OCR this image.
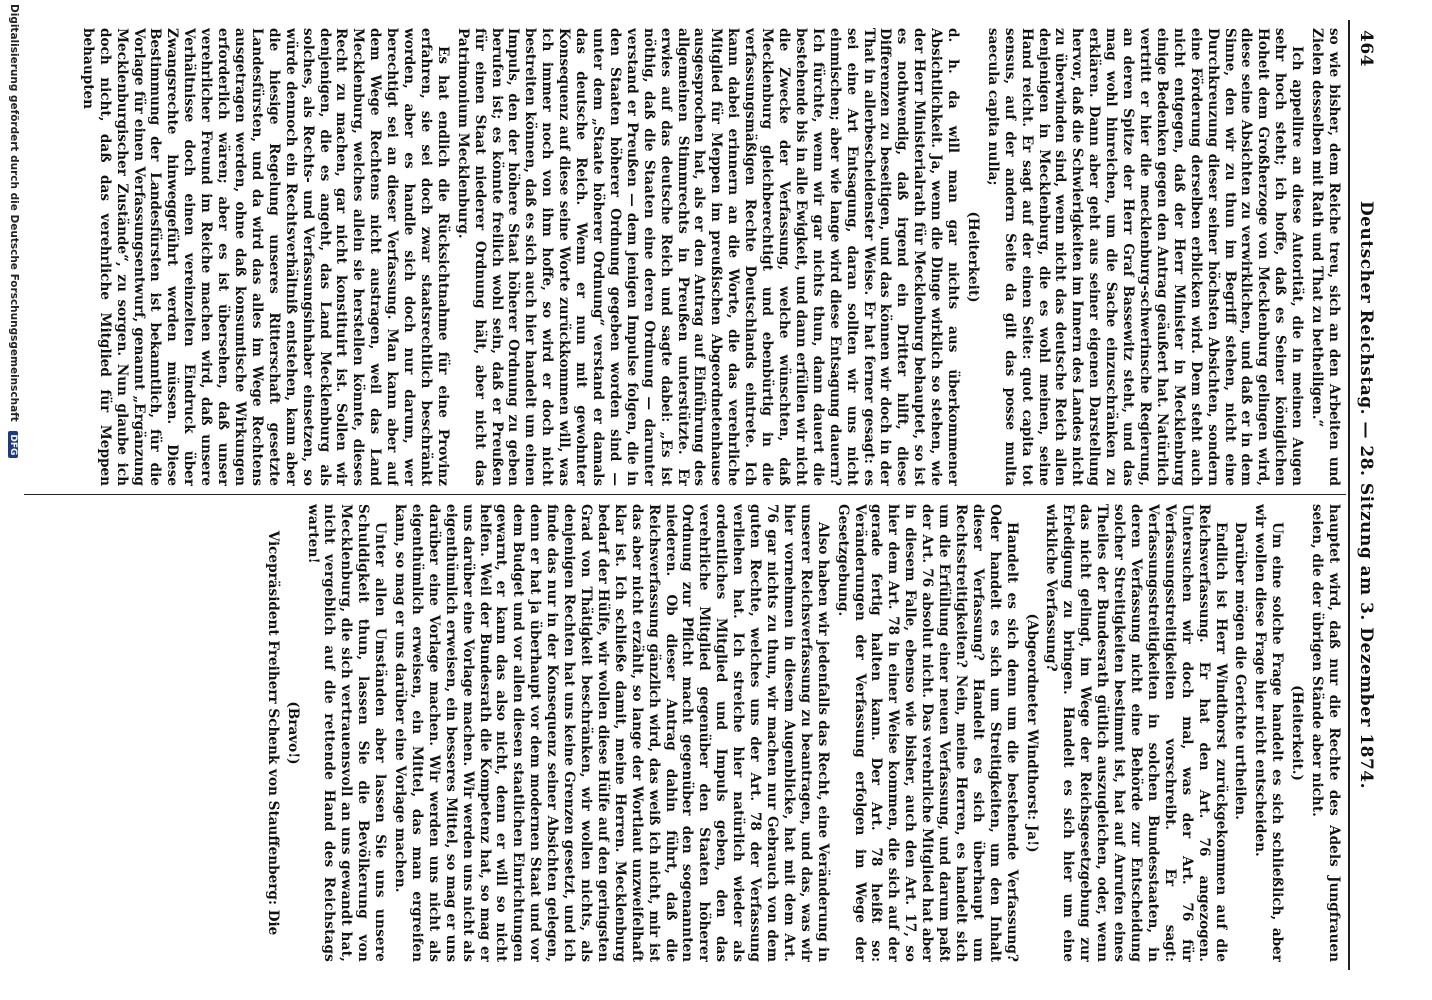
464
Deutscher Reichstag. — 28. Sitzung am 3. Dezember 1874.

so wie bisher, dem Reiche treu, sich an den Arbeiten und Zielen desselben mit Rath und That zu betheiligen.“

Ich appellire an diese Autorität, die in meinen Augen sehr hoch steht; ich hoffe, daß es Seiner königlichen Hoheit dem Großherzoge von Mecklenburg gelingen wird, diese seine Absichten zu verwirklichen, und daß er in dem Sinne, den wir zu thun im Begriff stehen, nicht eine Durchkreuzung dieser seiner höchsten Absichten, sondern eine Förderung derselben erblicken wird. Dem steht auch nicht entgegen, daß der Herr Minister in Mecklenburg einige Bedenken gegen den Antrag geäußert hat. Natürlich vertritt er hier die mecklenburg-schwerinsche Regierung, an deren Spitze der Herr Graf Bassewitz steht, und das mag wohl hinreichen, um die Sache einzuschränken zu erklären. Dann aber geht aus seiner eigenen Darstellung hervor, daß die Schwierigkeiten im Innern des Landes nicht zu überwinden sind, wenn nicht das deutsche Reich allen denjenigen in Mecklenburg, die es wohl meinen, seine Hand reicht. Er sagt auf der einen Seite: quot capita tot sensus, auf der andern Seite da gilt das posse multa saecula capita nulla;

(Heiterkeit)

d. h. da will man gar nichts aus überkommener Absichtlichkeit. Ja, wenn die Dinge wirklich so stehen, wie der Herr Ministerialrath für Mecklenburg behauptet, so ist es nothwendig, daß irgend ein Dritter hilft, diese Differenzen zu beseitigen, und das können wir doch in der That in allerbescheidenster Weise. Er hat ferner gesagt: es sei eine Art Entsagung, daran sollten wir uns nicht einmischen; aber wie lange wird diese Entsagung dauern? Ich fürchte, wenn wir gar nichts thun, dann dauert die bestehende bis in alle Ewigkeit, und dann erfüllen wir nicht die Zwecke der Verfassung, welche wünschten, daß Mecklenburg gleichberechtigt und ebenbürtig in die verfassungsmäßigen Rechte Deutschlands eintrete. Ich kann dabei erinnern an die Worte, die das verehrliche Mitglied für Meppen im preußischen Abgeordnetenhause ausgesprochen hat, als er den Antrag auf Einführung des allgemeinen Stimmrechts in Preußen unterstützte. Er erwies auf das deutsche Reich und sagte dabei: „Es ist nöthig, daß die Staaten eine deren Ordnung — darunter verstand er Preußen — dem jenigen Impulse folgen, die in den Staaten höherer Ordnung gegeben worden sind — unter dem „Staate höherer Ordnung“ verstand er damals das deutsche Reich. Wenn er nun mit gewohnter Konsequenz auf diese seine Worte zurückkommen will, was ich immer noch von ihm hoffe, so wird er doch nicht bestreiten können, daß es sich auch hier handelt um einen Impuls, den der höhere Staat höherer Ordnung zu geben berufen ist; es könnte freilich wohl sein, daß er Preußen für einen Staat niederer Ordnung hält, aber nicht das Patrimonium Mecklenburg.

Es hat endlich die Rücksichtnahme für eine Provinz erfahren, sie sei doch zwar staatsrechtlich beschränkt worden, aber es handle sich doch nur darum, wer berechtigt sei an dieser Verfassung. Man kann aber auf dem Wege Rechtens nicht austragen, weil das Land Mecklenburg, welches allein sie herstellen könnte, dieses Recht zu machen, gar nicht konstituirt ist. Sollen wir denjenigen, die es angeht, das Land Mecklenburg als solches, als Rechts- und Verfassungsinhaber einsetzen, so würde dennoch ein Rechtsverhältniß entstehen, kann aber die hiesige Regelung unseres Ritterschaft gesetzte Landesfürsten, und da wird das alles im Wege Rechtens ausgetragen werden, ohne daß konsumtische Wirkungen erforderlich wären; aber es ist übersehen, daß unser verehrlicher Freund im Reiche machen wird, daß unsere Verhältnisse doch einen vereinzelten Eindruck über Zwangsrechte hinweggeführt werden müssen. Diese Bestimmung der Landesfürsten ist bekanntlich, für die Vorlage für einen Verfassungsentwurf, genannt „Ergänzung Mecklenburgischer Zustände“, zu sorgen. Nun glaube ich doch nicht, daß das verehrliche Mitglied für Meppen behaupten

hauptet wird, daß nur die Rechte des Adels Jungfrauen seien, die der übrigen Stände aber nicht.

(Heiterkeit.)

Um eine solche Frage handelt es sich schließlich, aber wir wollen diese Frage hier nicht entscheiden.

Darüber mögen die Gerichte urtheilen.

Endlich ist Herr Windthorst zurückgekommen auf die Reichsverfassung. Er hat den Art. 76 angezogen. Untersuchen wir doch mal, was der Art. 76 für Verfassungsstreitigkeiten vorschreibt. Er sagt: Verfassungsstreitigkeiten in solchen Bundesstaaten, in deren Verfassung nicht eine Behörde zur Entscheidung solcher Streitigkeiten bestimmt ist, hat auf Anrufen eines Theiles der Bundesrath gütlich auszugleichen, oder, wenn das nicht gelingt, im Wege der Reichsgesetzgebung zur Erledigung zu bringen. Handelt es sich hier um eine wirkliche Verfassung?

(Abgeordneter Windthorst: Ja!)

Handelt es sich denn um die bestehende Verfassung? Oder handelt es sich um Streitigkeiten, um den Inhalt dieser Verfassung? Handelt es sich überhaupt um Rechtsstreitigkeiten? Nein, meine Herren, es handelt sich um die Erfüllung einer neuen Verfassung, und darum paßt der Art. 76 absolut nicht. Das verehrliche Mitglied hat aber in diesem Falle, ebenso wie bisher, auch den Art. 17, so hier dem Art. 78 in einer Weise kommen, die sich auf der gerade fertig halten kann. Der Art. 78 heißt so: Veränderungen der Verfassung erfolgen im Wege der Gesetzgebung.

Also haben wir jedenfalls das Recht, eine Veränderung in unserer Reichsverfassung zu beantragen, und das, was wir hier vornehmen in diesem Augenblicke, hat mit dem Art. 76 gar nichts zu thun, wir machen nur Gebrauch von dem guten Rechte, welches uns der Art. 78 der Verfassung verliehen hat. Ich streiche hier natürlich wieder als ordentliches Mitglied und Impuls geben, den das verehrliche Mitglied gegenüber den Staaten höherer Ordnung zur Pflicht macht gegenüber den sogenannten niederen. Ob dieser Antrag dahin führt, daß die Reichsverfassung gänzlich wird, das weiß ich nicht, mir ist das aber nicht erzählt, so lange der Wortlaut unzweifelhaft klar ist. Ich schließe damit, meine Herren. Mecklenburg bedarf der Hülfe, wir wollen diese Hülfe auf den geringsten Grad von Thätigkeit beschränken, wir wollen nichts, als denjenigen Rechten hat uns keine Grenzen gesetzt, und ich finde das nur in der Konsequenz seiner Absichten gelegen, denn er hat ja überhaupt vor dem modernen Staat und vor dem Budget und vor allen diesen staatlichen Einrichtungen gewarnt, er kann das also nicht, denn er will so nicht helfen. Weil der Bundesrath die Kompetenz hat, so mag er uns darüber eine Vorlage machen. Wir werden uns nicht als eigenthümlich erweisen, ein besseres Mittel, so mag er uns darüber eine Vorlage machen. Wir werden uns nicht als eigenthümlich erweisen, ein Mittel, das man ergreifen kann, so mag er uns darüber eine Vorlage machen.

Unter allen Umständen aber lassen Sie uns unsere Schuldigkeit thun, lassen Sie die Bevölkerung von Mecklenburg, die sich vertrauensvoll an uns gewandt hat, nicht vergeblich auf die rettende Hand des Reichstags warten!

(Bravo!)

Vicepräsident Freiherr Schenk von Stauffenberg: Die

Digitalisierung gefördert durch die Deutsche Forschungsgemeinschaft DFG
